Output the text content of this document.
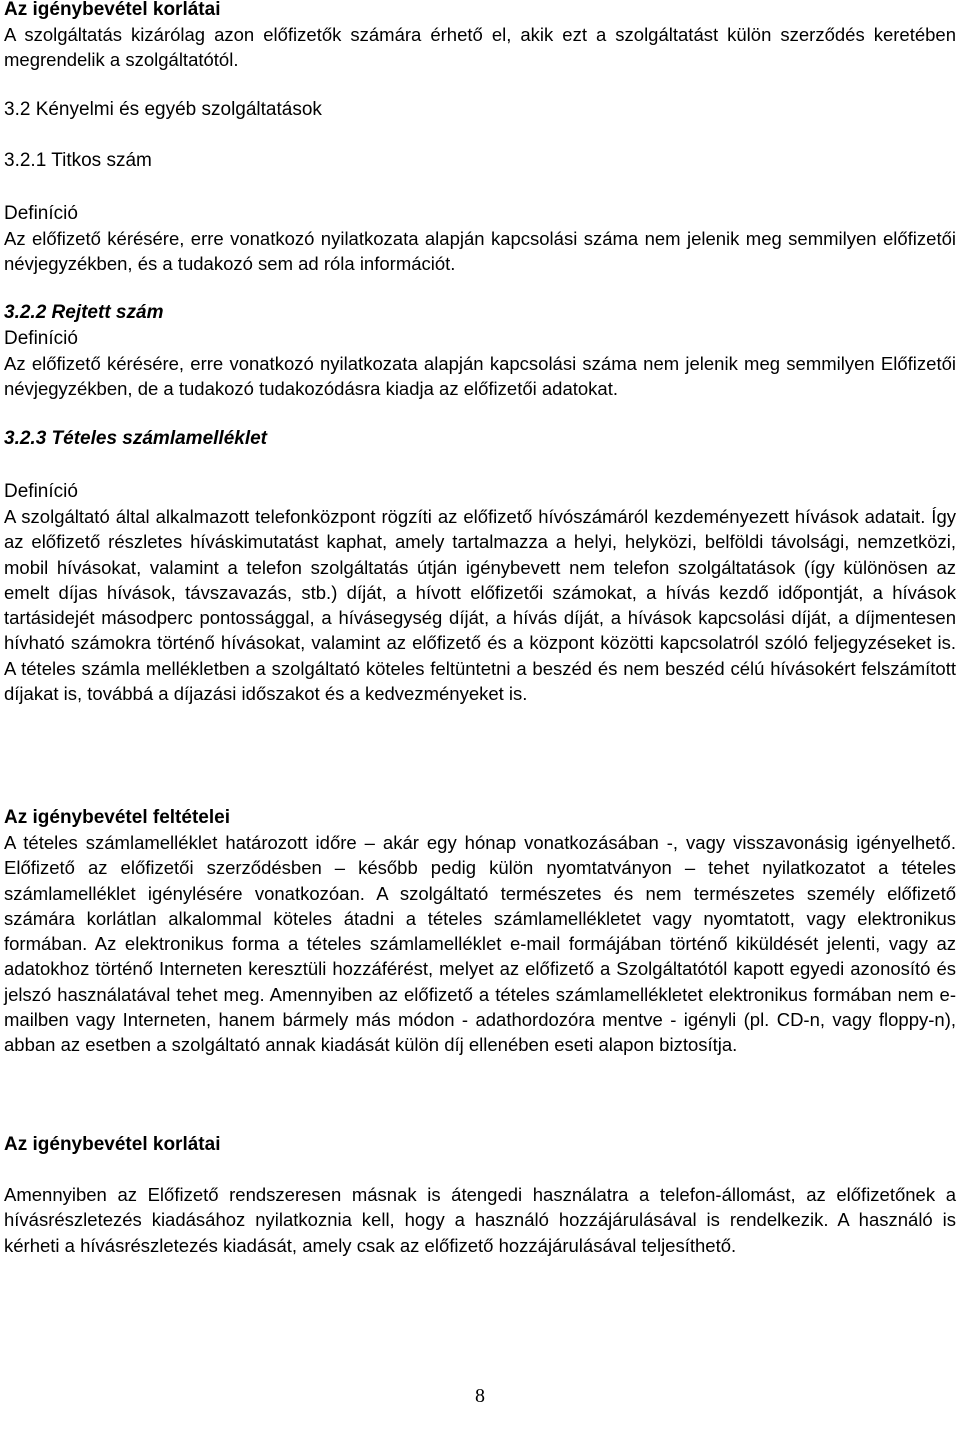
Az igénybevétel korlátai

A szolgáltatás kizárólag azon előfizetők számára érhető el, akik ezt a szolgáltatást külön szerződés keretében megrendelik a szolgáltatótól.

3.2 Kényelmi és egyéb szolgáltatások
3.2.1 Titkos szám
Definíció

Az előfizető kérésére, erre vonatkozó nyilatkozata alapján kapcsolási száma nem jelenik meg semmilyen előfizetői névjegyzékben, és a tudakozó sem ad róla információt.

3.2.2 Rejtett szám
Definíció

Az előfizető kérésére, erre vonatkozó nyilatkozata alapján kapcsolási száma nem jelenik meg semmilyen Előfizetői névjegyzékben, de a tudakozó tudakozódásra kiadja az előfizetői adatokat.

3.2.3 Tételes számlamelléklet
Definíció

A szolgáltató által alkalmazott telefonközpont rögzíti az előfizető hívószámáról kezdeményezett hívások adatait. Így az előfizető részletes híváskimutatást kaphat, amely tartalmazza a helyi, helyközi, belföldi távolsági, nemzetközi, mobil hívásokat, valamint a telefon szolgáltatás útján igénybevett nem telefon szolgáltatások (így különösen az emelt díjas hívások, távszavazás, stb.) díját, a hívott előfizetői számokat, a hívás kezdő időpontját, a hívások tartásidejét másodperc pontossággal, a hívásegység díját, a hívás díját, a hívások kapcsolási díját, a díjmentesen hívható számokra történő hívásokat, valamint az előfizető és a központ közötti kapcsolatról szóló feljegyzéseket is. A tételes számla mellékletben a szolgáltató köteles feltüntetni a beszéd és nem beszéd célú hívásokért felszámított díjakat is, továbbá a díjazási időszakot és a kedvezményeket is.

Az igénybevétel feltételei

A tételes számlamelléklet határozott időre – akár egy hónap vonatkozásában -, vagy visszavonásig igényelhető. Előfizető az előfizetői szerződésben – később pedig külön nyomtatványon – tehet nyilatkozatot a tételes számlamelléklet igénylésére vonatkozóan. A szolgáltató természetes és nem természetes személy előfizető számára korlátlan alkalommal köteles átadni a tételes számlamellékletet vagy nyomtatott, vagy elektronikus formában. Az elektronikus forma a tételes számlamelléklet e-mail formájában történő kiküldését jelenti, vagy az adatokhoz történő Interneten keresztüli hozzáférést, melyet az előfizető a Szolgáltatótól kapott egyedi azonosító és jelszó használatával tehet meg. Amennyiben az előfizető a tételes számlamellékletet elektronikus formában nem e-mailben vagy Interneten, hanem bármely más módon - adathordozóra mentve - igényli (pl. CD-n, vagy floppy-n), abban az esetben a szolgáltató annak kiadását külön díj ellenében eseti alapon biztosítja.

Az igénybevétel korlátai

Amennyiben az Előfizető rendszeresen másnak is átengedi használatra a telefon-állomást, az előfizetőnek a hívásrészletezés kiadásához nyilatkoznia kell, hogy a használó hozzájárulásával is rendelkezik. A használó is kérheti a hívásrészletezés kiadását, amely csak az előfizető hozzájárulásával teljesíthető.

8
